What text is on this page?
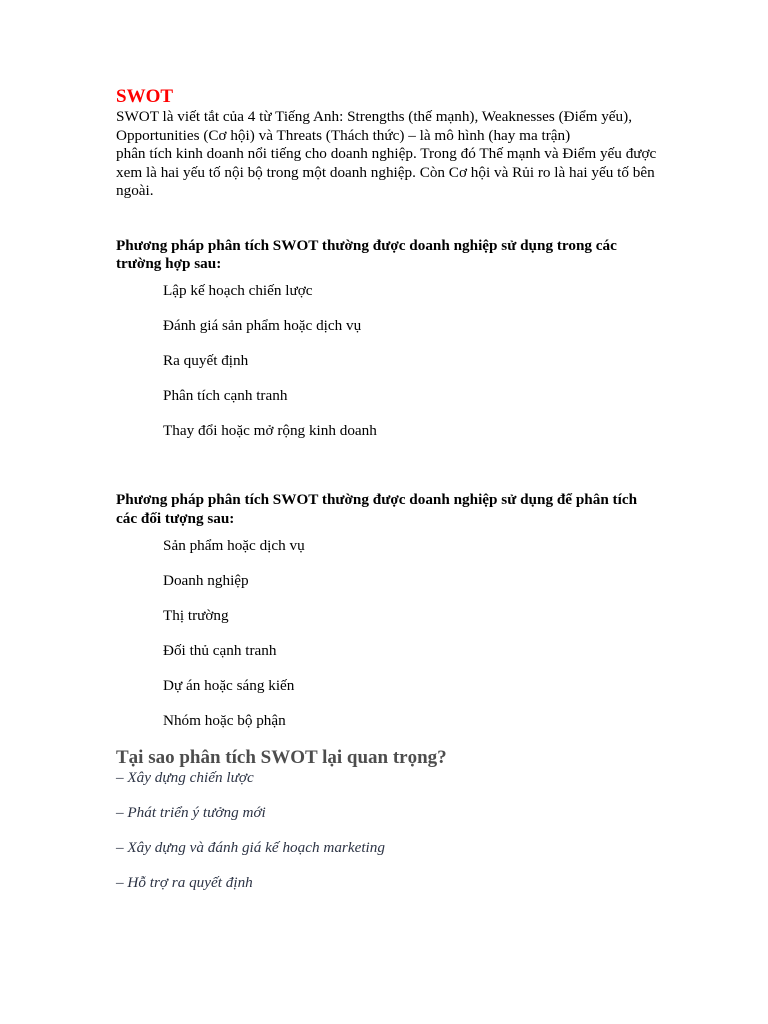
SWOT

SWOT là viết tắt của 4 từ Tiếng Anh: Strengths (thế mạnh), Weaknesses (Điểm yếu), Opportunities (Cơ hội) và Threats (Thách thức) – là mô hình (hay ma trận)

phân tích kinh doanh nổi tiếng cho doanh nghiệp. Trong đó Thế mạnh và Điểm yếu được xem là hai yếu tố nội bộ trong một doanh nghiệp. Còn Cơ hội và Rủi ro là hai yếu tố bên ngoài.

Phương pháp phân tích SWOT thường được doanh nghiệp sử dụng trong các trường hợp sau:

Lập kế hoạch chiến lược
Đánh giá sản phẩm hoặc dịch vụ
Ra quyết định
Phân tích cạnh tranh
Thay đổi hoặc mở rộng kinh doanh

Phương pháp phân tích SWOT thường được doanh nghiệp sử dụng để phân tích các đối tượng sau:

Sản phẩm hoặc dịch vụ
Doanh nghiệp
Thị trường
Đối thủ cạnh tranh
Dự án hoặc sáng kiến
Nhóm hoặc bộ phận
Tại sao phân tích SWOT lại quan trọng?
– Xây dựng chiến lược
– Phát triển ý tưởng mới
– Xây dựng và đánh giá kế hoạch marketing
– Hỗ trợ ra quyết định
